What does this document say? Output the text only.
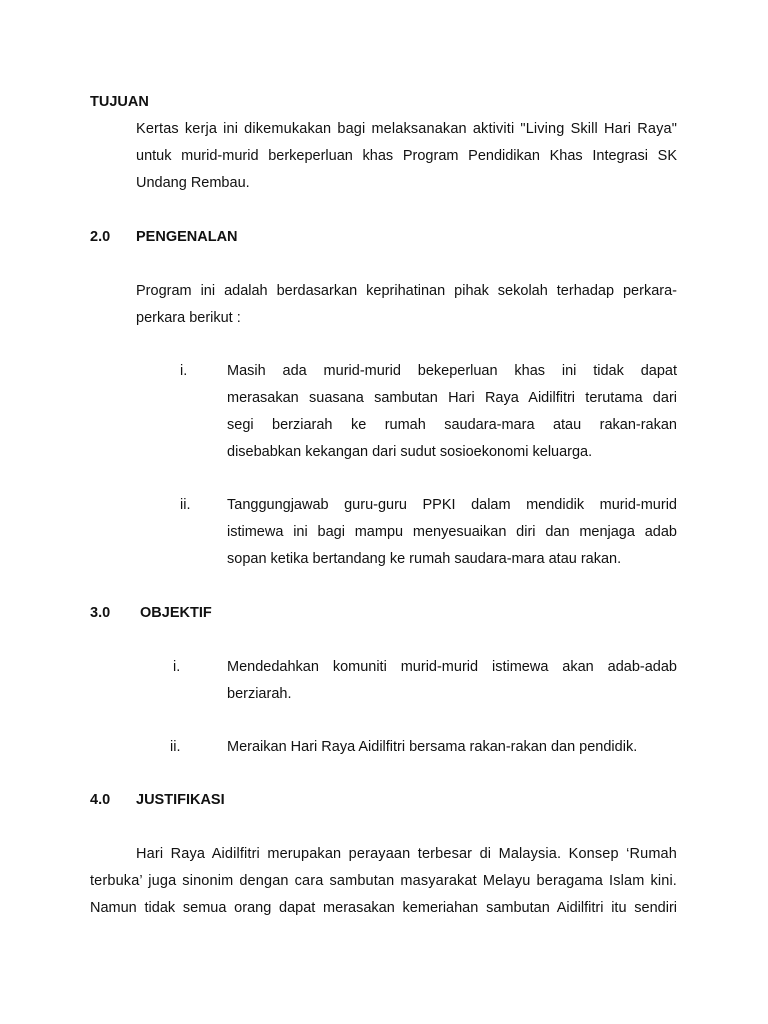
TUJUAN
Kertas kerja ini dikemukakan bagi melaksanakan aktiviti "Living Skill Hari Raya"
untuk murid-murid berkeperluan khas Program Pendidikan Khas Integrasi SK
Undang Rembau.
2.0 PENGENALAN
Program ini adalah berdasarkan keprihatinan pihak sekolah terhadap perkara-
perkara berikut :
i.	Masih ada murid-murid bekeperluan khas ini tidak dapat
merasakan suasana sambutan Hari Raya Aidilfitri terutama dari
segi berziarah ke rumah saudara-mara atau rakan-rakan
disebabkan kekangan dari sudut sosioekonomi keluarga.
ii.	Tanggungjawab guru-guru PPKI dalam mendidik murid-murid
istimewa ini bagi mampu menyesuaikan diri dan menjaga adab
sopan ketika bertandang ke rumah saudara-mara atau rakan.
3.0 OBJEKTIF
i.	Mendedahkan komuniti murid-murid istimewa akan adab-adab
berziarah.
ii.	Meraikan Hari Raya Aidilfitri bersama rakan-rakan dan pendidik.
4.0 JUSTIFIKASI
Hari Raya Aidilfitri merupakan perayaan terbesar di Malaysia. Konsep ‘Rumah
terbuka’ juga sinonim dengan cara sambutan masyarakat Melayu beragama Islam kini.
Namun tidak semua orang dapat merasakan kemeriahan sambutan Aidilfitri itu sendiri
